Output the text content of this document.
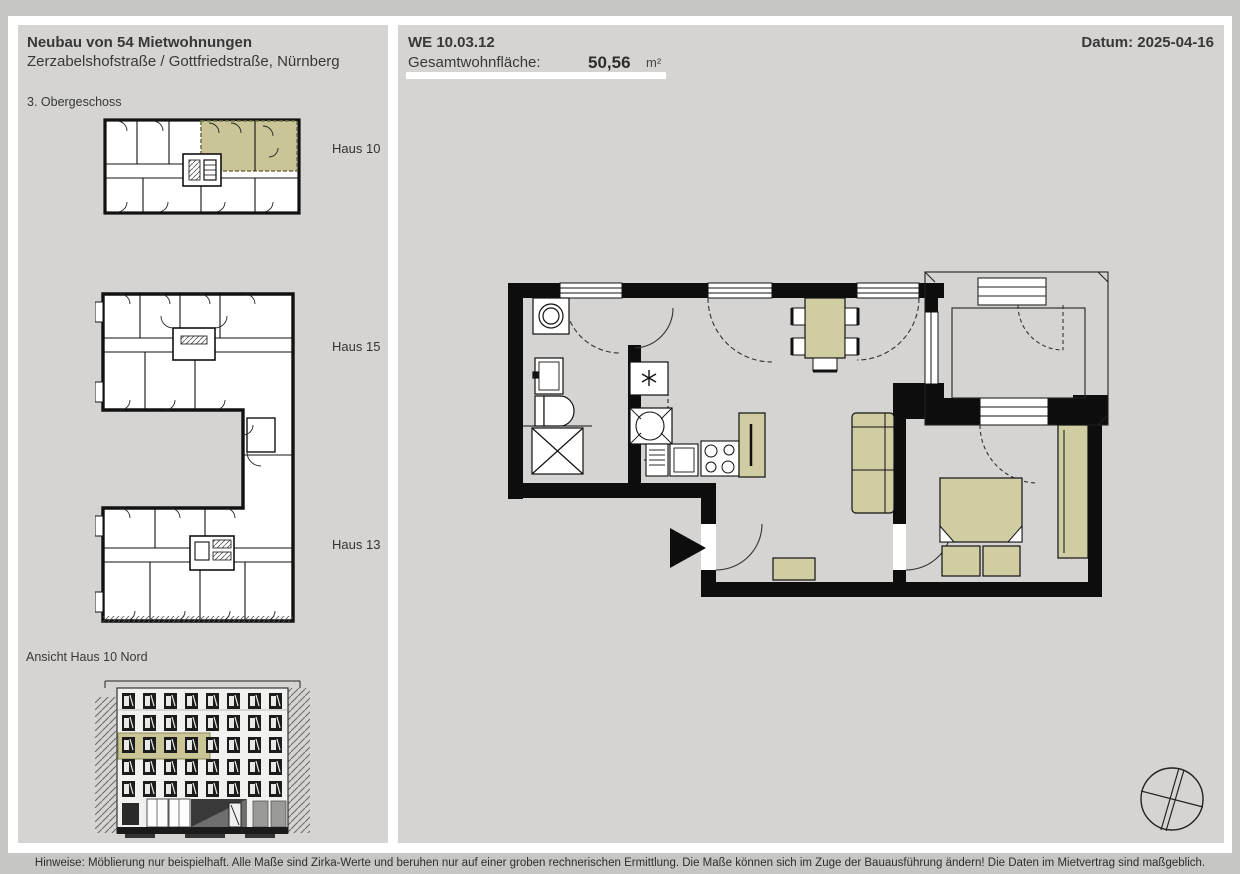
Neubau von 54 Mietwohnungen
Zerzabelshofstraße / Gottfriedstraße, Nürnberg
3. Obergeschoss
Haus 10
Haus 15
Haus 13
Ansicht Haus 10 Nord
WE 10.03.12
Gesamtwohnfläche:	50,56 m²
Datum: 2025-04-16
Hinweise: Möblierung nur beispielhaft. Alle Maße sind Zirka-Werte und beruhen nur auf einer groben rechnerischen Ermittlung. Die Maße können sich im Zuge der Bauausführung ändern! Die Daten im Mietvertrag sind maßgeblich.
